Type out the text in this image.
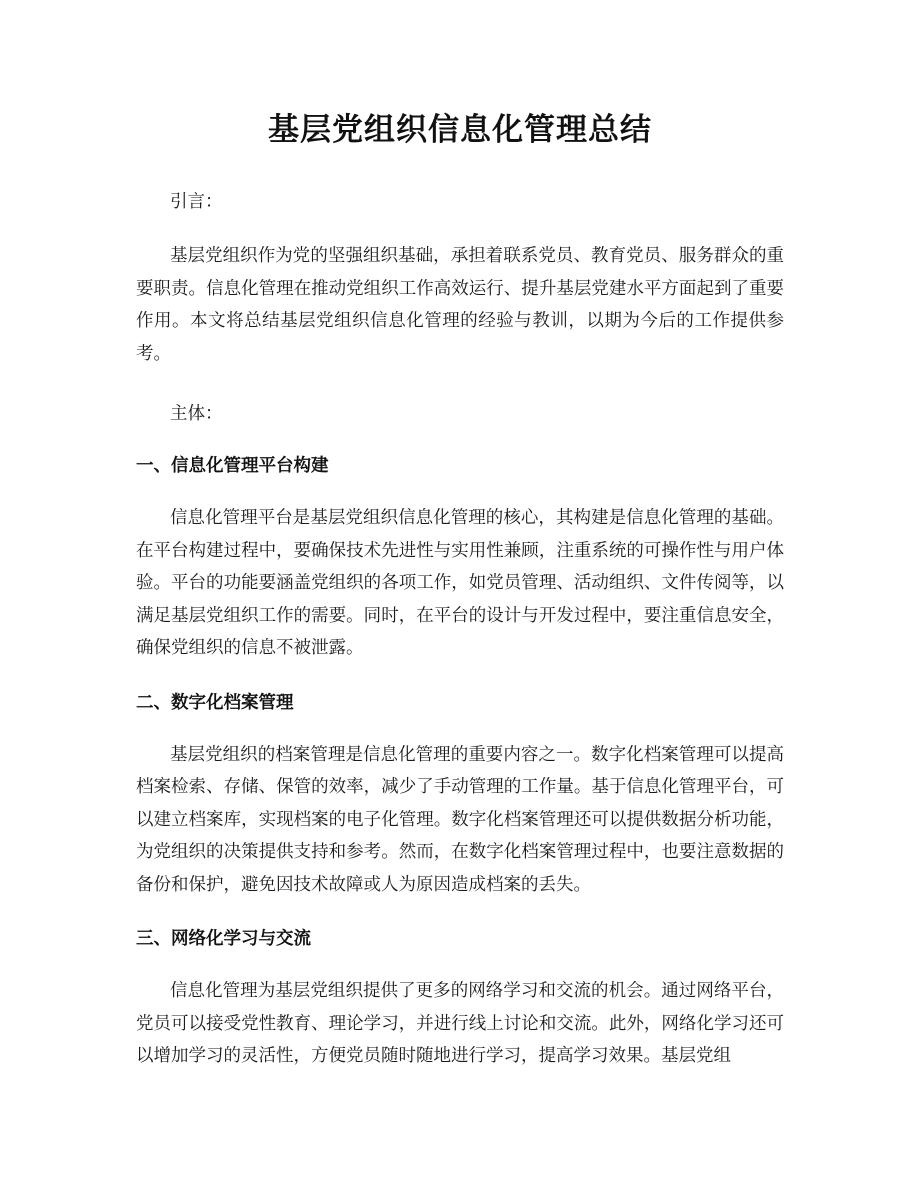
基层党组织信息化管理总结

引言：

基层党组织作为党的坚强组织基础，承担着联系党员、教育党员、服务群众的重要职责。信息化管理在推动党组织工作高效运行、提升基层党建水平方面起到了重要作用。本文将总结基层党组织信息化管理的经验与教训，以期为今后的工作提供参考。

主体：

一、信息化管理平台构建

信息化管理平台是基层党组织信息化管理的核心，其构建是信息化管理的基础。在平台构建过程中，要确保技术先进性与实用性兼顾，注重系统的可操作性与用户体验。平台的功能要涵盖党组织的各项工作，如党员管理、活动组织、文件传阅等，以满足基层党组织工作的需要。同时，在平台的设计与开发过程中，要注重信息安全，确保党组织的信息不被泄露。

二、数字化档案管理

基层党组织的档案管理是信息化管理的重要内容之一。数字化档案管理可以提高档案检索、存储、保管的效率，减少了手动管理的工作量。基于信息化管理平台，可以建立档案库，实现档案的电子化管理。数字化档案管理还可以提供数据分析功能，为党组织的决策提供支持和参考。然而，在数字化档案管理过程中，也要注意数据的备份和保护，避免因技术故障或人为原因造成档案的丢失。

三、网络化学习与交流

信息化管理为基层党组织提供了更多的网络学习和交流的机会。通过网络平台，党员可以接受党性教育、理论学习，并进行线上讨论和交流。此外，网络化学习还可以增加学习的灵活性，方便党员随时随地进行学习，提高学习效果。基层党组
